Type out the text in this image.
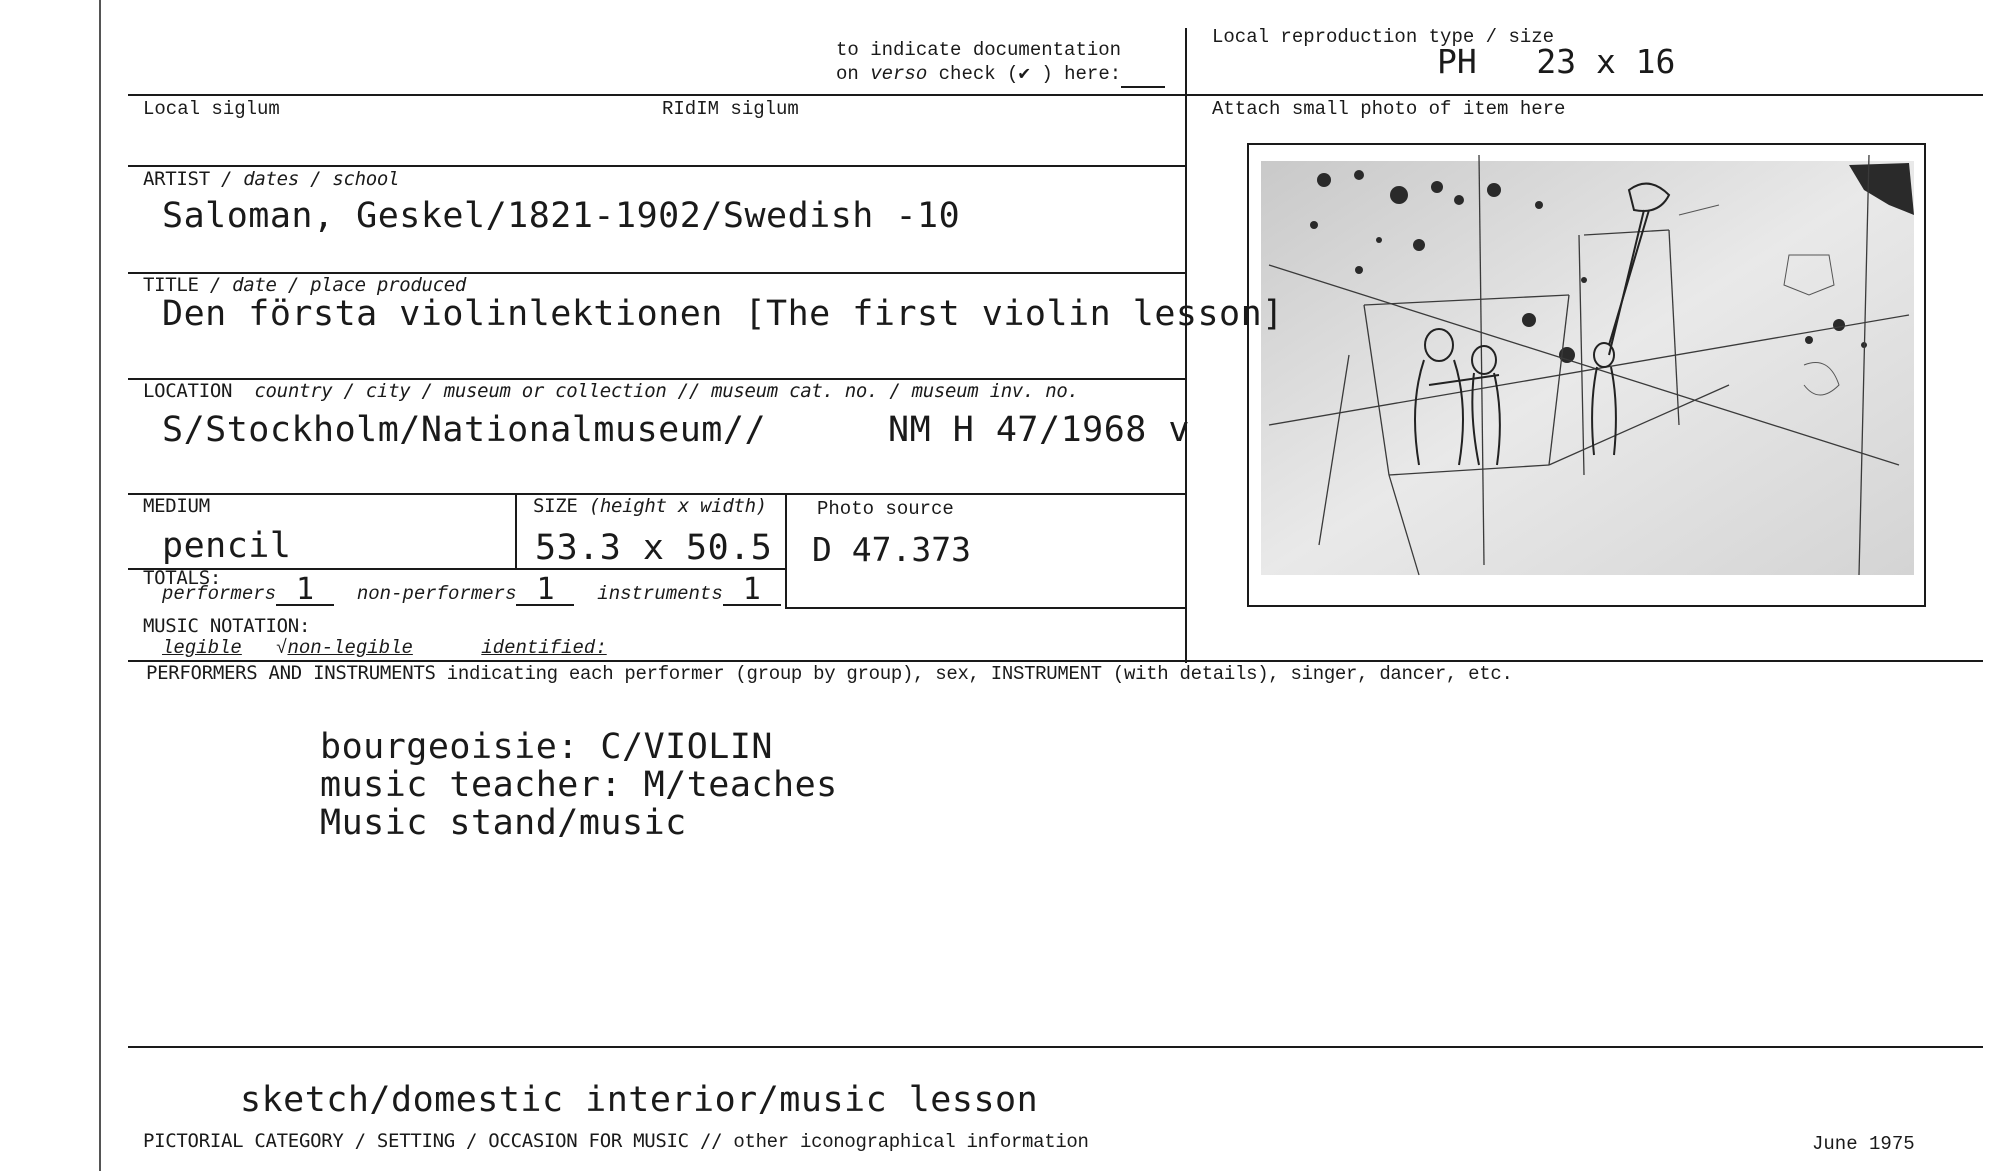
to indicate documentation
on verso check (✔ ) here:
Local reproduction type / size
PH   23 x 16
Local siglum	RIdIM siglum	Attach small photo of item here
ARTIST / dates / school
Saloman, Geskel/1821-1902/Swedish -10
TITLE / date / place produced
Den första violinlektionen [The first violin lesson]
LOCATION country / city / museum or collection // museum cat. no. / museum inv. no.
S/Stockholm/Nationalmuseum//	NM H 47/1968 v
MEDIUM
pencil
SIZE (height x width)
53.3 x 50.5
Photo source
D 47.373
TOTALS:
performers 1 non-performers 1 instruments 1
MUSIC NOTATION:
legible √non-legible	identified:
PERFORMERS AND INSTRUMENTS indicating each performer (group by group), sex, INSTRUMENT (with details), singer, dancer, etc.
bourgeoisie: C/VIOLIN
music teacher: M/teaches
Music stand/music
sketch/domestic interior/music lesson
PICTORIAL CATEGORY / SETTING / OCCASION FOR MUSIC // other iconographical information	June 1975
